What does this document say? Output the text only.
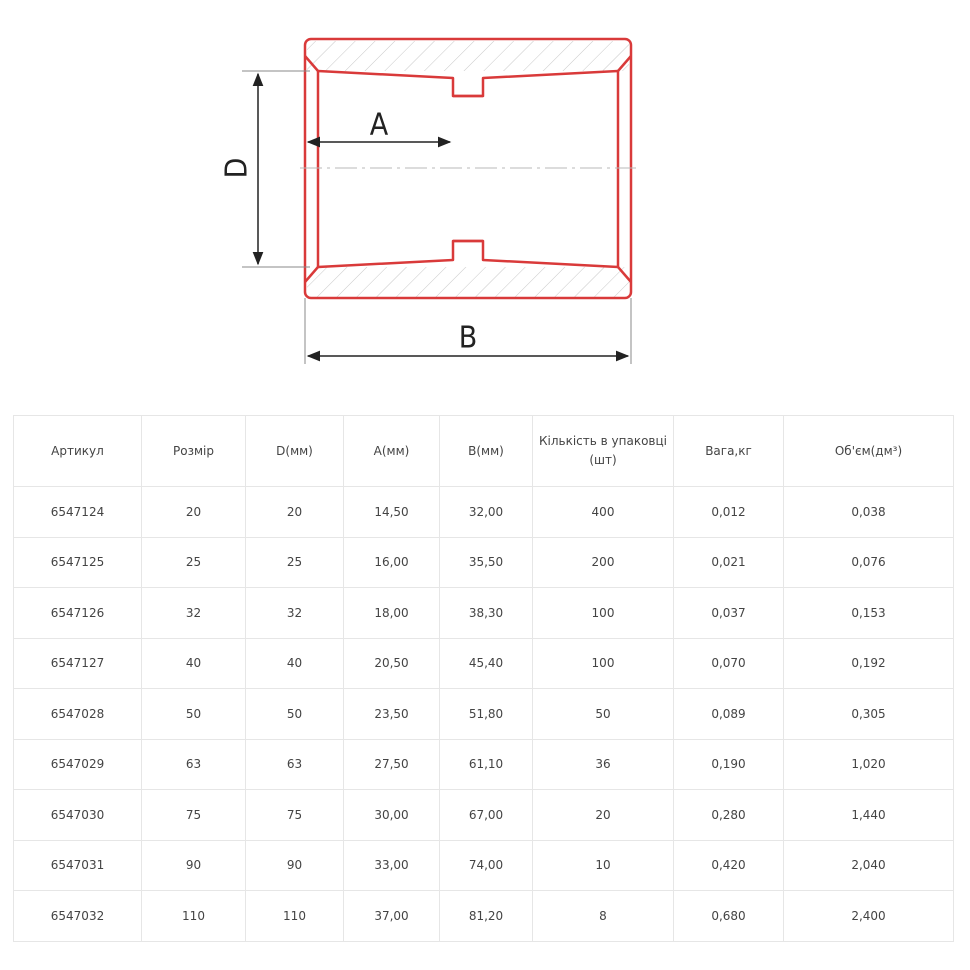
D
A
B
Артикул	Розмір	D(мм)	A(мм)	B(мм)	Кількість в упаковці (шт)	Вага,кг	Об'єм(дм³)
6547124	20	20	14,50	32,00	400	0,012	0,038
6547125	25	25	16,00	35,50	200	0,021	0,076
6547126	32	32	18,00	38,30	100	0,037	0,153
6547127	40	40	20,50	45,40	100	0,070	0,192
6547028	50	50	23,50	51,80	50	0,089	0,305
6547029	63	63	27,50	61,10	36	0,190	1,020
6547030	75	75	30,00	67,00	20	0,280	1,440
6547031	90	90	33,00	74,00	10	0,420	2,040
6547032	110	110	37,00	81,20	8	0,680	2,400
